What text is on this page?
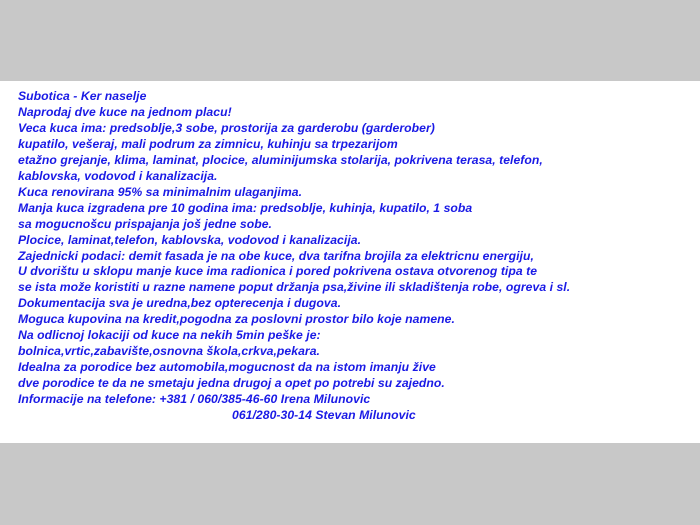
Subotica - Ker naselje
Naprodaj dve kuce na jednom placu!
Veca kuca ima: predsoblje,3 sobe, prostorija za garderobu (garderober)
kupatilo, vešeraj, mali podrum za zimnicu, kuhinju sa trpezarijom
etažno grejanje, klima, laminat, plocice, aluminijumska stolarija, pokrivena terasa, telefon,
kablovska, vodovod i kanalizacija.
Kuca renovirana 95% sa minimalnim ulaganjima.
Manja kuca izgradena pre 10 godina ima: predsoblje, kuhinja, kupatilo, 1 soba
sa mogucnošcu prispajanja još jedne sobe.
Plocice, laminat,telefon, kablovska, vodovod i kanalizacija.
Zajednicki podaci: demit fasada je na obe kuce, dva tarifna brojila za elektricnu energiju,
U dvorištu u sklopu manje kuce ima radionica i pored pokrivena ostava otvorenog tipa te
se ista može koristiti u razne namene poput držanja psa,živine ili skladištenja robe, ogreva i sl.
Dokumentacija sva je uredna,bez opterecenja i dugova.
Moguca kupovina na kredit,pogodna za poslovni prostor bilo koje namene.
Na odlicnoj lokaciji od kuce na nekih 5min peške je:
bolnica,vrtic,zabavište,osnovna škola,crkva,pekara.
Idealna za porodice bez automobila,mogucnost da na istom imanju žive
dve porodice te da ne smetaju jedna drugoj a opet po potrebi su zajedno.
Informacije na telefone: +381 / 060/385-46-60 Irena Milunovic
061/280-30-14 Stevan Milunovic
